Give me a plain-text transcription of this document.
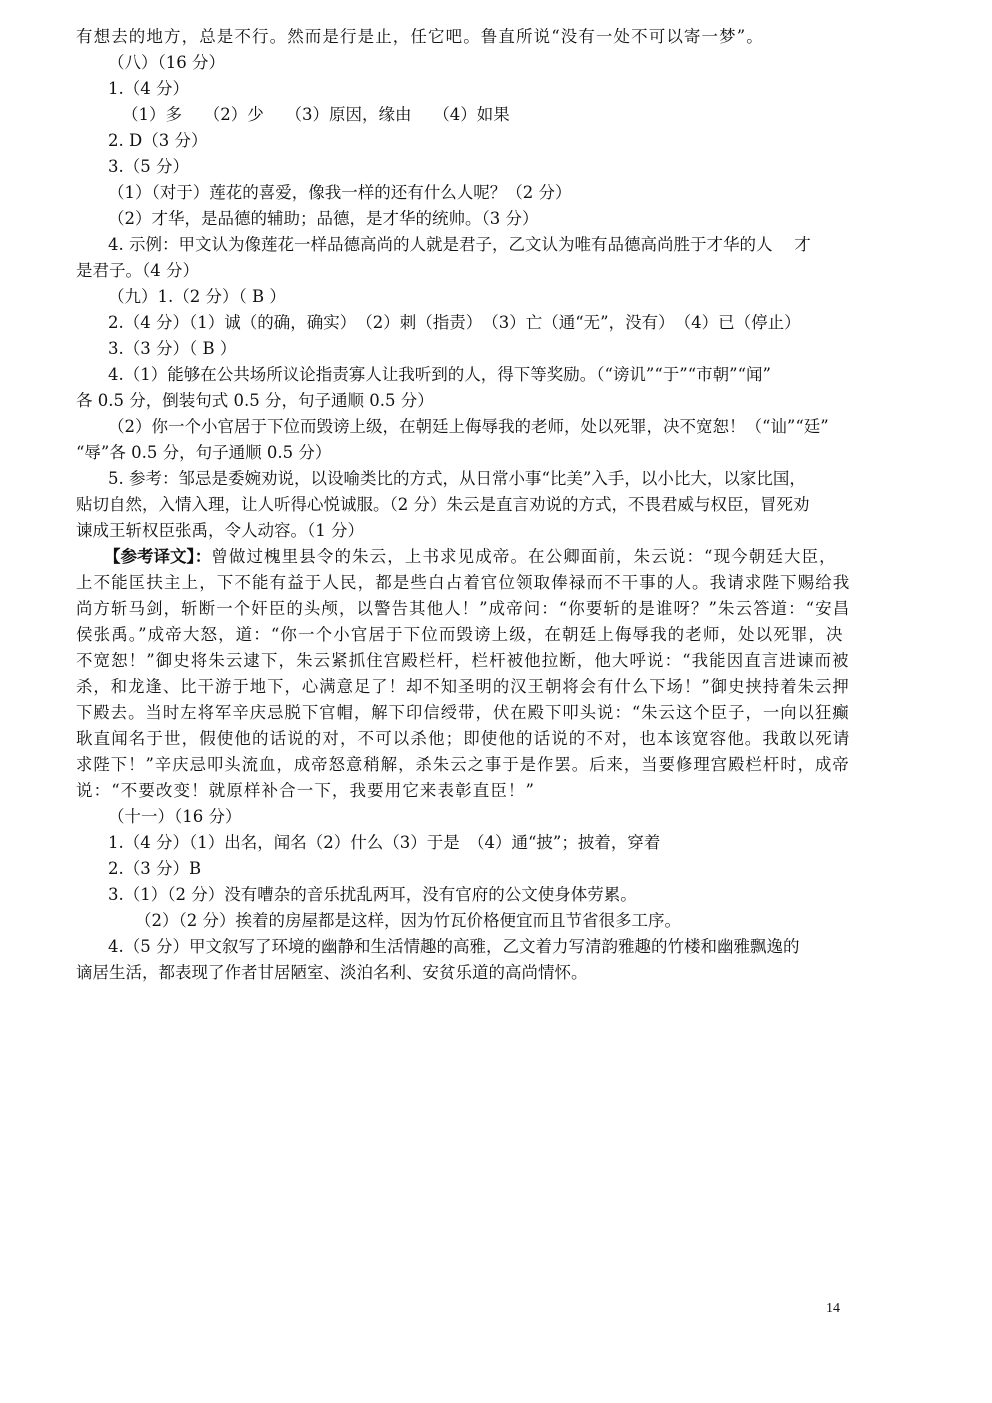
有想去的地方，总是不行。然而是行是止，任它吧。鲁直所说“没有一处不可以寄一梦”。
（八）（16 分）
1.（4 分）
（1）多　 （2）少　 （3）原因，缘由　 （4）如果
2. D（3 分）
3.（5 分）
（1）（对于）莲花的喜爱，像我一样的还有什么人呢？（2 分）
（2）才华，是品德的辅助；品德，是才华的统帅。（3 分）
4. 示例：甲文认为像莲花一样品德高尚的人就是君子，乙文认为唯有品德高尚胜于才华的人　 才
是君子。（4 分）
（九）1.（2 分）（ B ）
2.（4 分）（1）诚（的确，确实）　（2）刺（指责）　（3）亡（通“无”，没有）　（4）已（停止）
3.（3 分）（ B ）
4.（1）能够在公共场所议论指责寡人让我听到的人，得下等奖励。（“谤讥”“于”“市朝”“闻”
各 0.5 分，倒装句式 0.5 分，句子通顺 0.5 分）
（2）你一个小官居于下位而毁谤上级，在朝廷上侮辱我的老师，处以死罪，决不宽恕！（“讪”“廷”
“辱”各 0.5 分，句子通顺 0.5 分）
5. 参考：邹忌是委婉劝说，以设喻类比的方式，从日常小事“比美”入手，以小比大，以家比国，
贴切自然，入情入理，让人听得心悦诚服。（2 分）朱云是直言劝说的方式，不畏君威与权臣，冒死劝
谏成王斩权臣张禹，令人动容。（1 分）
【参考译文】：曾做过槐里县令的朱云，上书求见成帝。在公卿面前，朱云说：“现今朝廷大臣，
上不能匡扶主上，下不能有益于人民，都是些白占着官位领取俸禄而不干事的人。我请求陛下赐给我
尚方斩马剑，斩断一个奸臣的头颅，以警告其他人！”成帝问：“你要斩的是谁呀？”朱云答道：“安昌
侯张禹。”成帝大怒，道：“你一个小官居于下位而毁谤上级，在朝廷上侮辱我的老师，处以死罪，决
不宽恕！”御史将朱云逮下，朱云紧抓住宫殿栏杆，栏杆被他拉断，他大呼说：“我能因直言进谏而被
杀，和龙逢、比干游于地下，心满意足了！却不知圣明的汉王朝将会有什么下场！”御史挟持着朱云押
下殿去。当时左将军辛庆忌脱下官帽，解下印信绶带，伏在殿下叩头说：“朱云这个臣子，一向以狂癫
耿直闻名于世，假使他的话说的对，不可以杀他；即使他的话说的不对，也本该宽容他。我敢以死请
求陛下！”辛庆忌叩头流血，成帝怒意稍解，杀朱云之事于是作罢。后来，当要修理宫殿栏杆时，成帝
说：“不要改变！就原样补合一下，我要用它来表彰直臣！”
（十一）（16 分）
1.（4 分）（1）出名，闻名（2）什么（3）于是　（4）通“披”；披着，穿着
2.（3 分）B
3.（1）（2 分）没有嘈杂的音乐扰乱两耳，没有官府的公文使身体劳累。
（2）（2 分）挨着的房屋都是这样，因为竹瓦价格便宜而且节省很多工序。
4.（5 分）甲文叙写了环境的幽静和生活情趣的高雅，乙文着力写清韵雅趣的竹楼和幽雅飘逸的
谪居生活，都表现了作者甘居陋室、淡泊名利、安贫乐道的高尚情怀。
14
